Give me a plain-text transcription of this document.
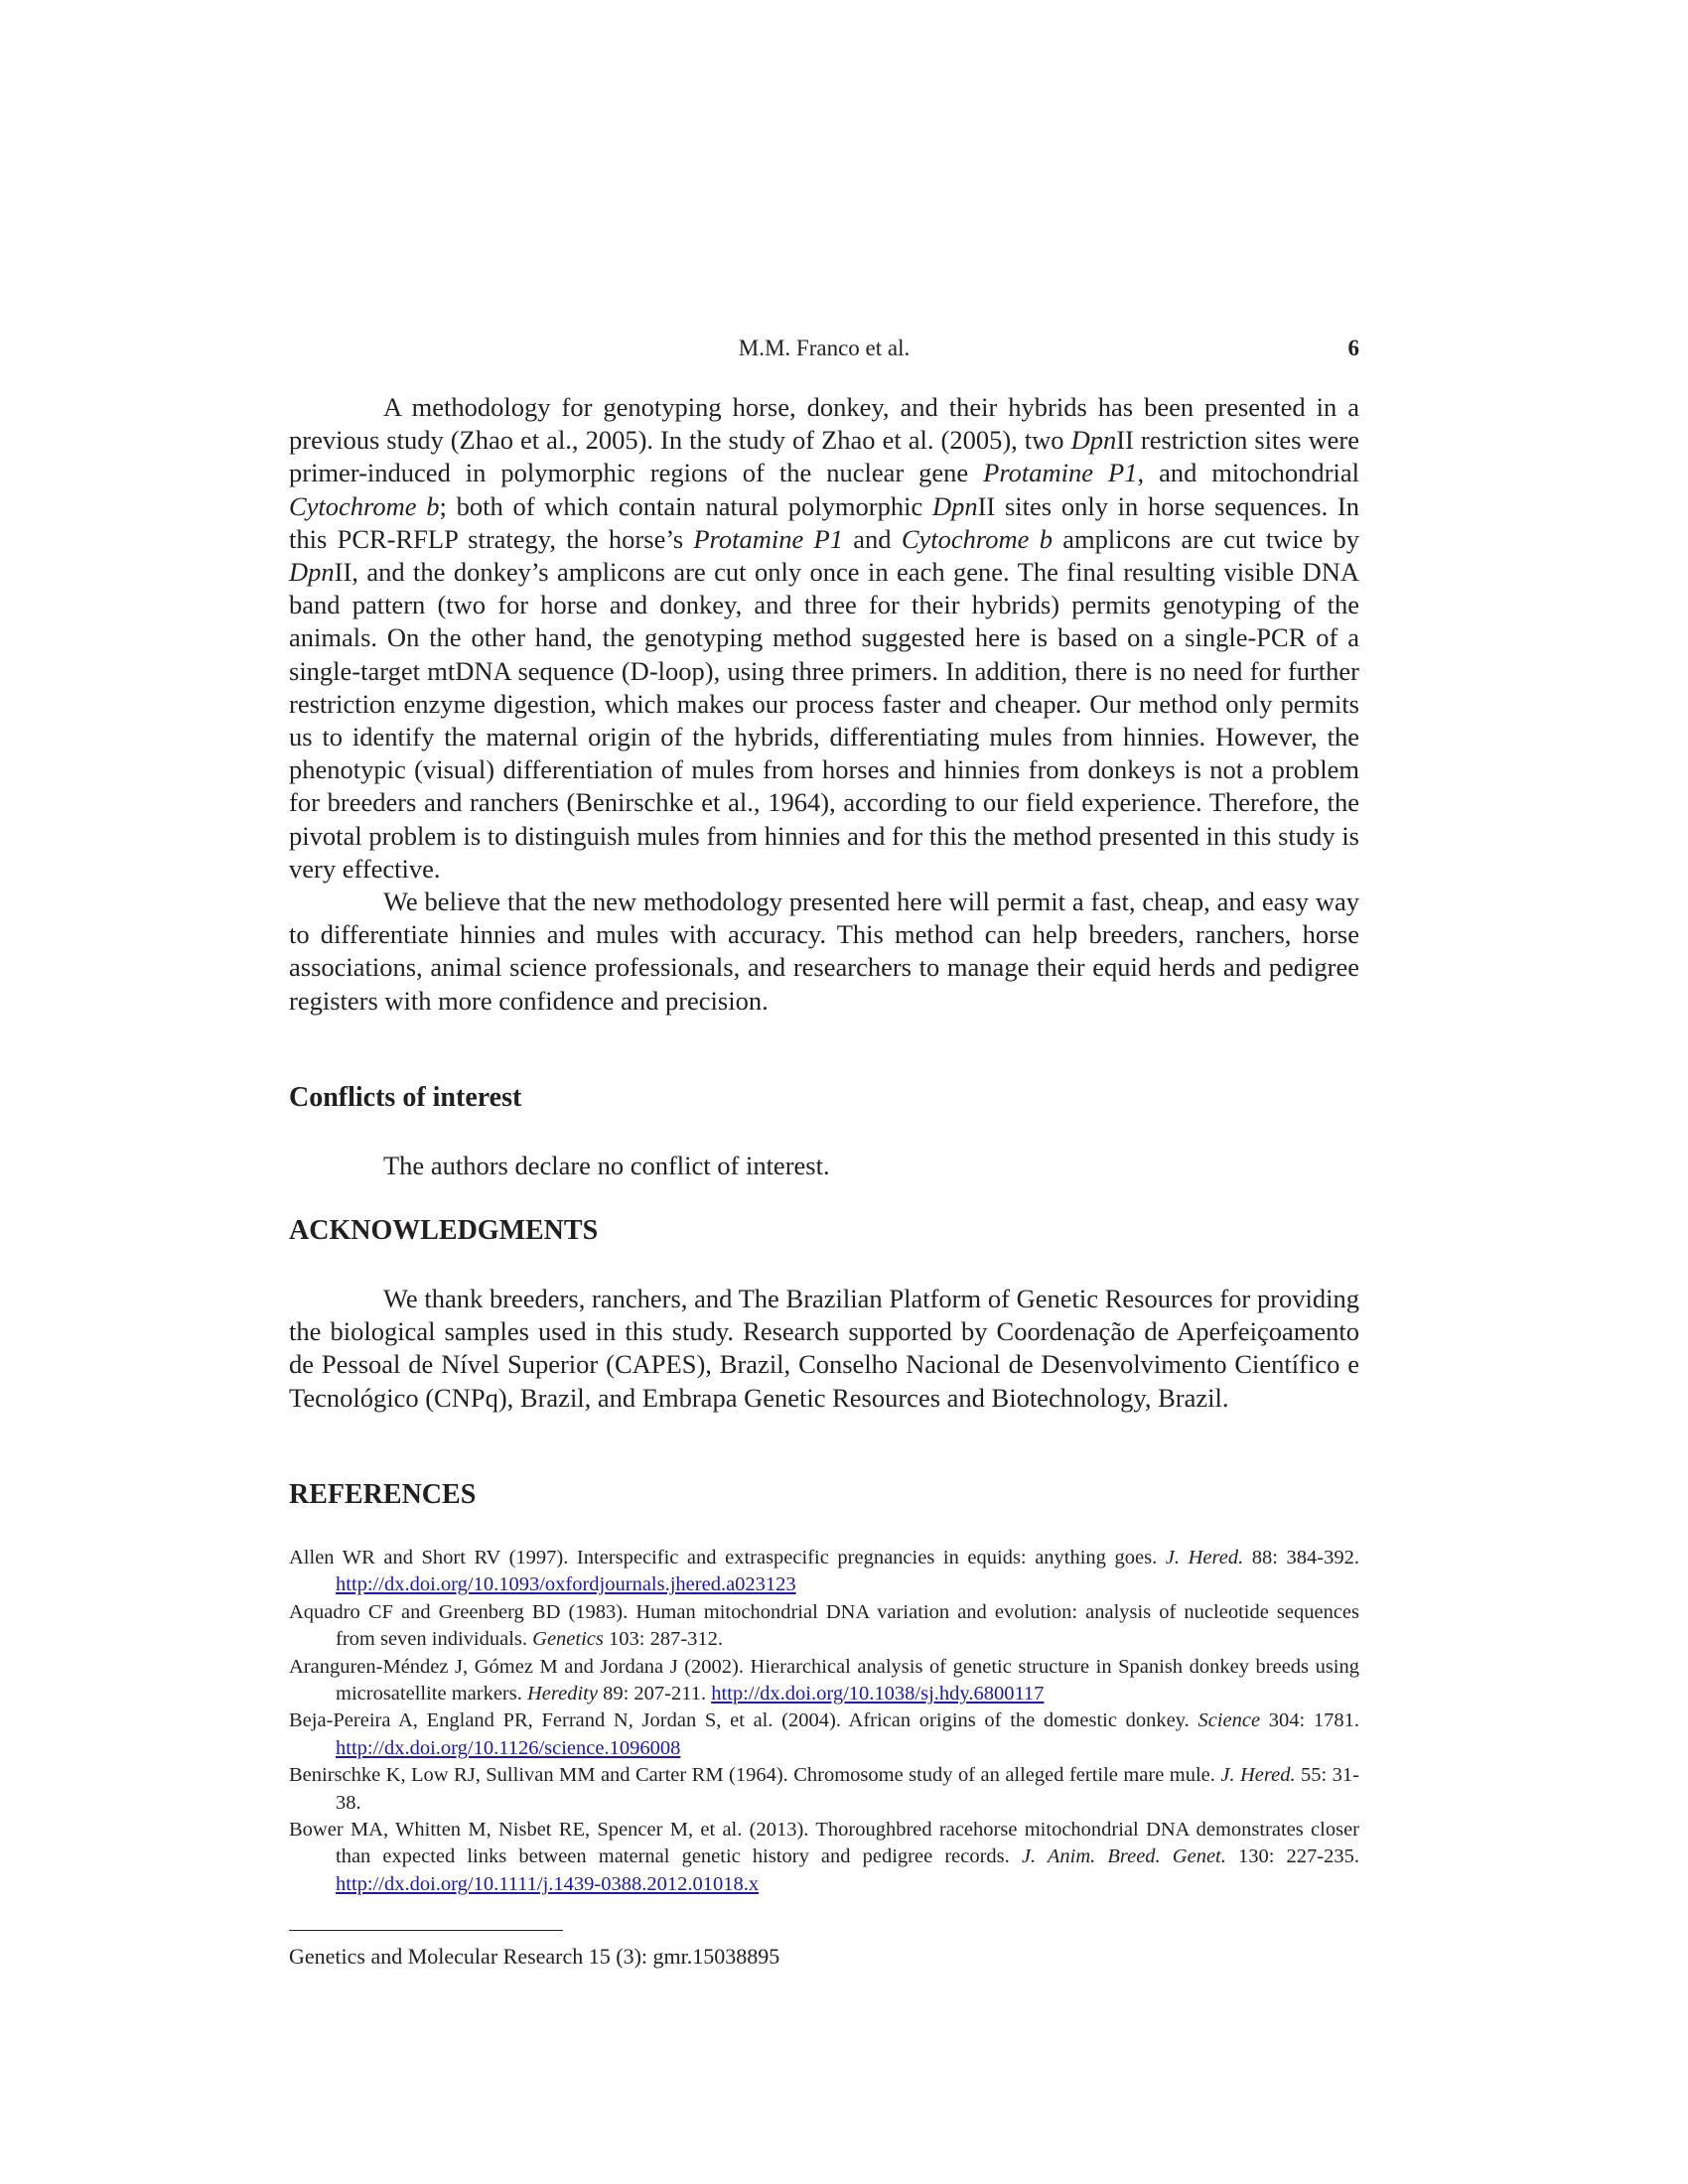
M.M. Franco et al.	6

A methodology for genotyping horse, donkey, and their hybrids has been presented in a previous study (Zhao et al., 2005). In the study of Zhao et al. (2005), two DpnII restriction sites were primer-induced in polymorphic regions of the nuclear gene Protamine P1, and mitochondrial Cytochrome b; both of which contain natural polymorphic DpnII sites only in horse sequences. In this PCR-RFLP strategy, the horse’s Protamine P1 and Cytochrome b amplicons are cut twice by DpnII, and the donkey’s amplicons are cut only once in each gene. The final resulting visible DNA band pattern (two for horse and donkey, and three for their hybrids) permits genotyping of the animals. On the other hand, the genotyping method suggested here is based on a single-PCR of a single-target mtDNA sequence (D-loop), using three primers. In addition, there is no need for further restriction enzyme digestion, which makes our process faster and cheaper. Our method only permits us to identify the maternal origin of the hybrids, differentiating mules from hinnies. However, the phenotypic (visual) differentiation of mules from horses and hinnies from donkeys is not a problem for breeders and ranchers (Benirschke et al., 1964), according to our field experience. Therefore, the pivotal problem is to distinguish mules from hinnies and for this the method presented in this study is very effective.

We believe that the new methodology presented here will permit a fast, cheap, and easy way to differentiate hinnies and mules with accuracy. This method can help breeders, ranchers, horse associations, animal science professionals, and researchers to manage their equid herds and pedigree registers with more confidence and precision.

Conflicts of interest

The authors declare no conflict of interest.

ACKNOWLEDGMENTS

We thank breeders, ranchers, and The Brazilian Platform of Genetic Resources for providing the biological samples used in this study. Research supported by Coordenação de Aperfeiçoamento de Pessoal de Nível Superior (CAPES), Brazil, Conselho Nacional de Desenvolvimento Científico e Tecnológico (CNPq), Brazil, and Embrapa Genetic Resources and Biotechnology, Brazil.

REFERENCES

Allen WR and Short RV (1997). Interspecific and extraspecific pregnancies in equids: anything goes. J. Hered. 88: 384-392. http://dx.doi.org/10.1093/oxfordjournals.jhered.a023123

Aquadro CF and Greenberg BD (1983). Human mitochondrial DNA variation and evolution: analysis of nucleotide sequences from seven individuals. Genetics 103: 287-312.

Aranguren-Méndez J, Gómez M and Jordana J (2002). Hierarchical analysis of genetic structure in Spanish donkey breeds using microsatellite markers. Heredity 89: 207-211. http://dx.doi.org/10.1038/sj.hdy.6800117

Beja-Pereira A, England PR, Ferrand N, Jordan S, et al. (2004). African origins of the domestic donkey. Science 304: 1781. http://dx.doi.org/10.1126/science.1096008

Benirschke K, Low RJ, Sullivan MM and Carter RM (1964). Chromosome study of an alleged fertile mare mule. J. Hered. 55: 31-38.

Bower MA, Whitten M, Nisbet RE, Spencer M, et al. (2013). Thoroughbred racehorse mitochondrial DNA demonstrates closer than expected links between maternal genetic history and pedigree records. J. Anim. Breed. Genet. 130: 227-235. http://dx.doi.org/10.1111/j.1439-0388.2012.01018.x

Genetics and Molecular Research 15 (3): gmr.15038895
